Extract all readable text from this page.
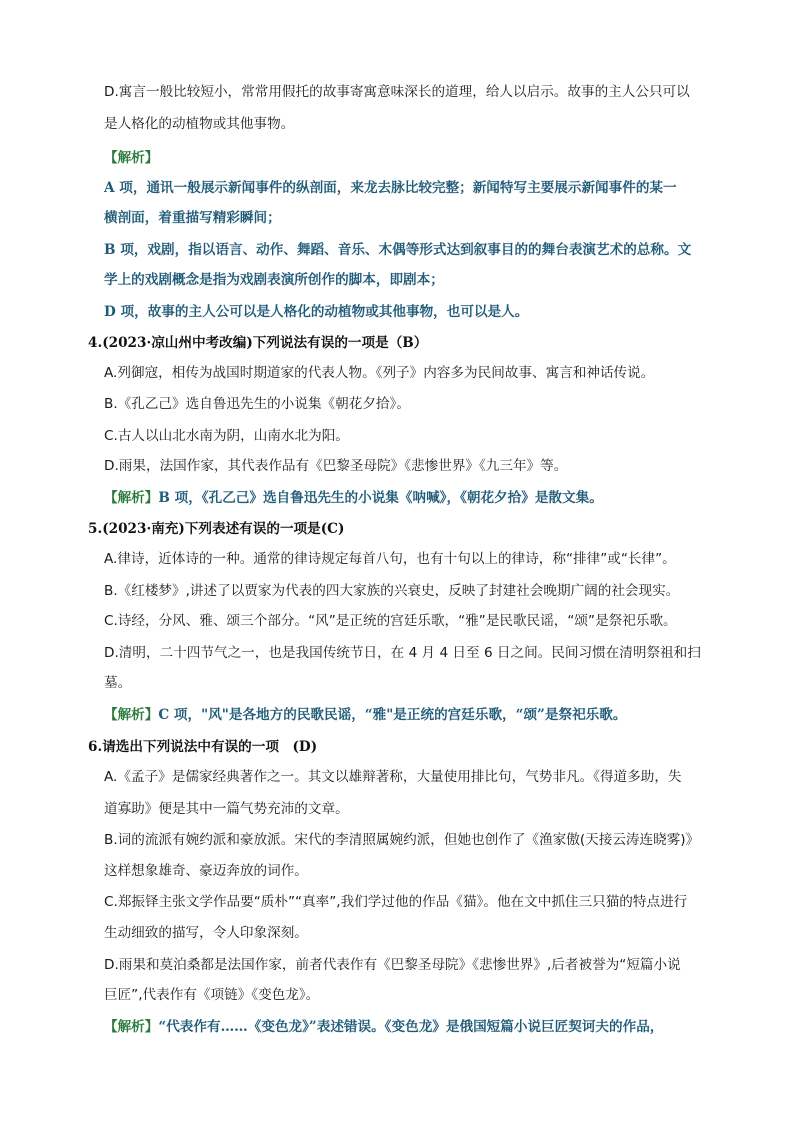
D.寓言一般比较短小，常常用假托的故事寄寓意味深长的道理，给人以启示。故事的主人公只可以
是人格化的动植物或其他事物。
【解析】
A 项，通讯一般展示新闻事件的纵剖面，来龙去脉比较完整；新闻特写主要展示新闻事件的某一
横剖面，着重描写精彩瞬间；
B 项，戏剧，指以语言、动作、舞蹈、音乐、木偶等形式达到叙事目的的舞台表演艺术的总称。文
学上的戏剧概念是指为戏剧表演所创作的脚本，即剧本；
D 项，故事的主人公可以是人格化的动植物或其他事物，也可以是人。
4.(2023·凉山州中考改编)下列说法有误的一项是（B）
A.列御寇，相传为战国时期道家的代表人物。《列子》内容多为民间故事、寓言和神话传说。
B.《孔乙己》选自鲁迅先生的小说集《朝花夕拾》。
C.古人以山北水南为阴，山南水北为阳。
D.雨果，法国作家，其代表作品有《巴黎圣母院》《悲惨世界》《九三年》等。
【解析】B 项，《孔乙己》选自鲁迅先生的小说集《呐喊》，《朝花夕拾》是散文集。
5.(2023·南充)下列表述有误的一项是(C)
A.律诗，近体诗的一种。通常的律诗规定每首八句，也有十句以上的律诗，称“排律”或“长律”。
B.《红楼梦》,讲述了以贾家为代表的四大家族的兴衰史，反映了封建社会晚期广阔的社会现实。
C.诗经，分风、雅、颂三个部分。“风”是正统的宫廷乐歌，“雅”是民歌民谣，“颂”是祭祀乐歌。
D.清明，二十四节气之一，也是我国传统节日，在 4 月 4 日至 6 日之间。民间习惯在清明祭祖和扫
墓。
【解析】C 项，"风"是各地方的民歌民谣，“雅"是正统的宫廷乐歌，“颂”是祭祀乐歌。
6.请选出下列说法中有误的一项　(D)
A.《孟子》是儒家经典著作之一。其文以雄辩著称，大量使用排比句，气势非凡。《得道多助，失
道寡助》便是其中一篇气势充沛的文章。
B.词的流派有婉约派和豪放派。宋代的李清照属婉约派，但她也创作了《渔家傲(天接云涛连晓雾)》
这样想象雄奇、豪迈奔放的词作。
C.郑振铎主张文学作品要“质朴”“真率”,我们学过他的作品《猫》。他在文中抓住三只猫的特点进行
生动细致的描写，令人印象深刻。
D.雨果和莫泊桑都是法国作家，前者代表作有《巴黎圣母院》《悲惨世界》,后者被誉为“短篇小说
巨匠”,代表作有《项链》《变色龙》。
【解析】“代表作有……《变色龙》”表述错误。《变色龙》是俄国短篇小说巨匠契诃夫的作品，
